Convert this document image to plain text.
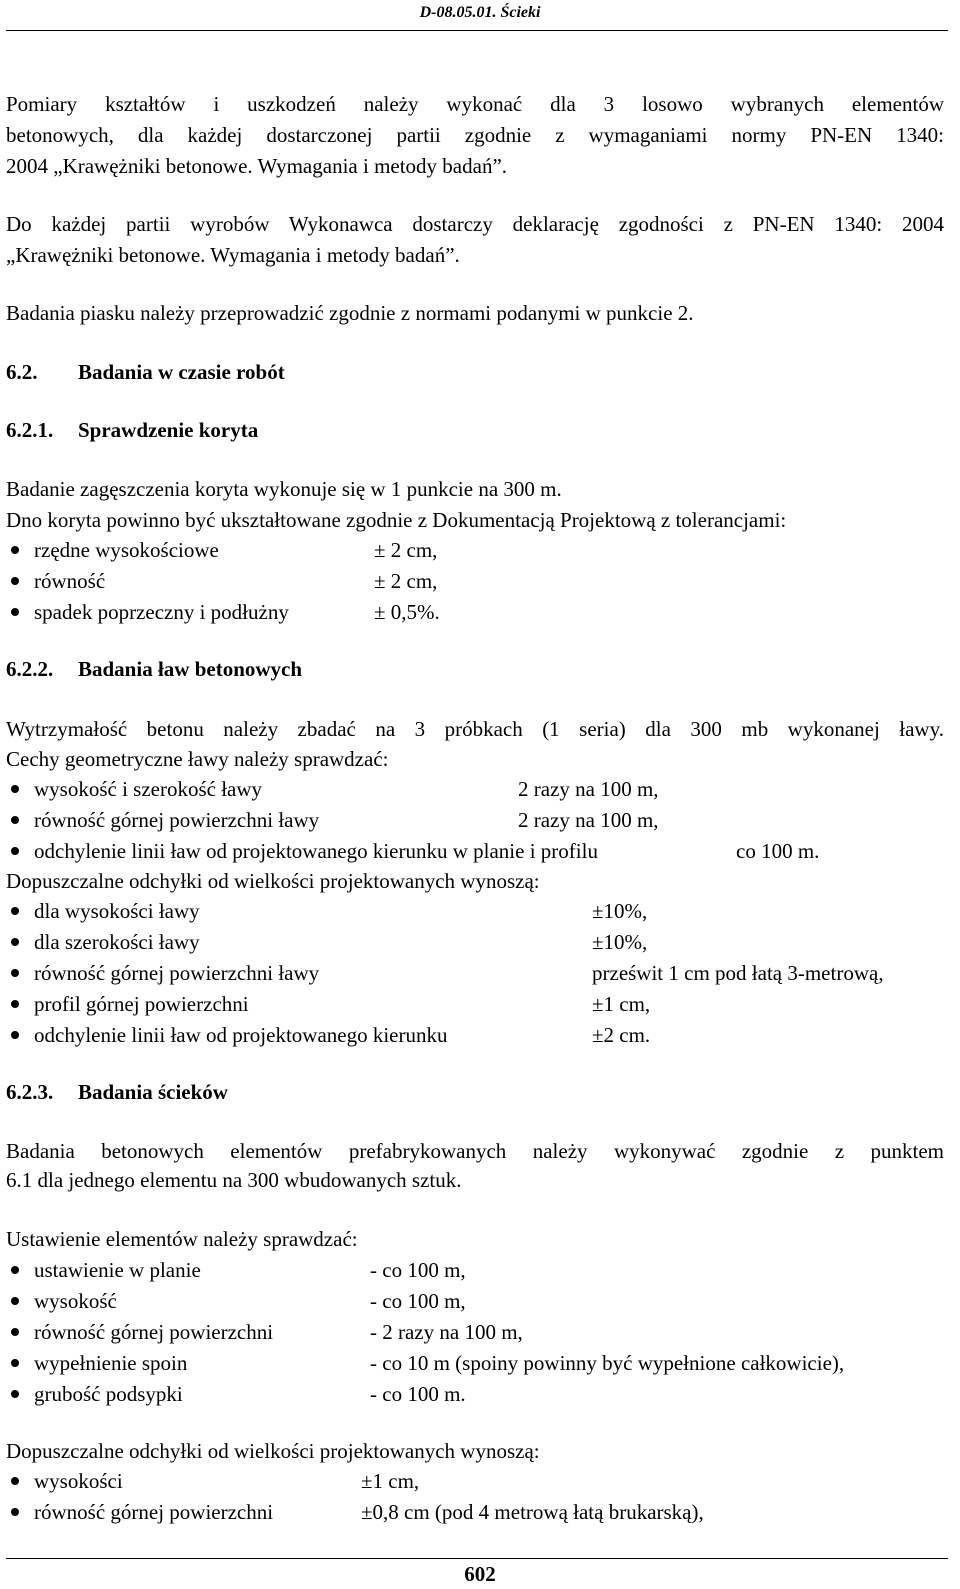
D-08.05.01. Ścieki

Pomiary kształtów i uszkodzeń należy wykonać dla 3 losowo wybranych elementów

betonowych, dla każdej dostarczonej partii zgodnie z wymaganiami normy PN-EN 1340:

2004 „Krawężniki betonowe. Wymagania i metody badań”.

Do każdej partii wyrobów Wykonawca dostarczy deklarację zgodności z PN-EN 1340: 2004

„Krawężniki betonowe. Wymagania i metody badań”.

Badania piasku należy przeprowadzić zgodnie z normami podanymi w punkcie 2.

6.2. Badania w czasie robót
6.2.1. Sprawdzenie koryta

Badanie zagęszczenia koryta wykonuje się w 1 punkcie na 300 m.

Dno koryta powinno być ukształtowane zgodnie z Dokumentacją Projektową z tolerancjami:

rzędne wysokościowe	± 2 cm,
równość	± 2 cm,
spadek poprzeczny i podłużny	± 0,5%.
6.2.2. Badania ław betonowych

Wytrzymałość betonu należy zbadać na 3 próbkach (1 seria) dla 300 mb wykonanej ławy.

Cechy geometryczne ławy należy sprawdzać:

wysokość i szerokość ławy	2 razy na 100 m,
równość górnej powierzchni ławy	2 razy na 100 m,
odchylenie linii ław od projektowanego kierunku w planie i profilu	co 100 m.

Dopuszczalne odchyłki od wielkości projektowanych wynoszą:

dla wysokości ławy	±10%,
dla szerokości ławy	±10%,
równość górnej powierzchni ławy	prześwit 1 cm pod łatą 3-metrową,
profil górnej powierzchni	±1 cm,
odchylenie linii ław od projektowanego kierunku	±2 cm.
6.2.3. Badania ścieków

Badania betonowych elementów prefabrykowanych należy wykonywać zgodnie z punktem

6.1 dla jednego elementu na 300 wbudowanych sztuk.

Ustawienie elementów należy sprawdzać:

ustawienie w planie	- co 100 m,
wysokość	- co 100 m,
równość górnej powierzchni	- 2 razy na 100 m,
wypełnienie spoin	- co 10 m (spoiny powinny być wypełnione całkowicie),
grubość podsypki	- co 100 m.

Dopuszczalne odchyłki od wielkości projektowanych wynoszą:

wysokości	±1 cm,
równość górnej powierzchni	±0,8 cm (pod 4 metrową łatą brukarską),
602
